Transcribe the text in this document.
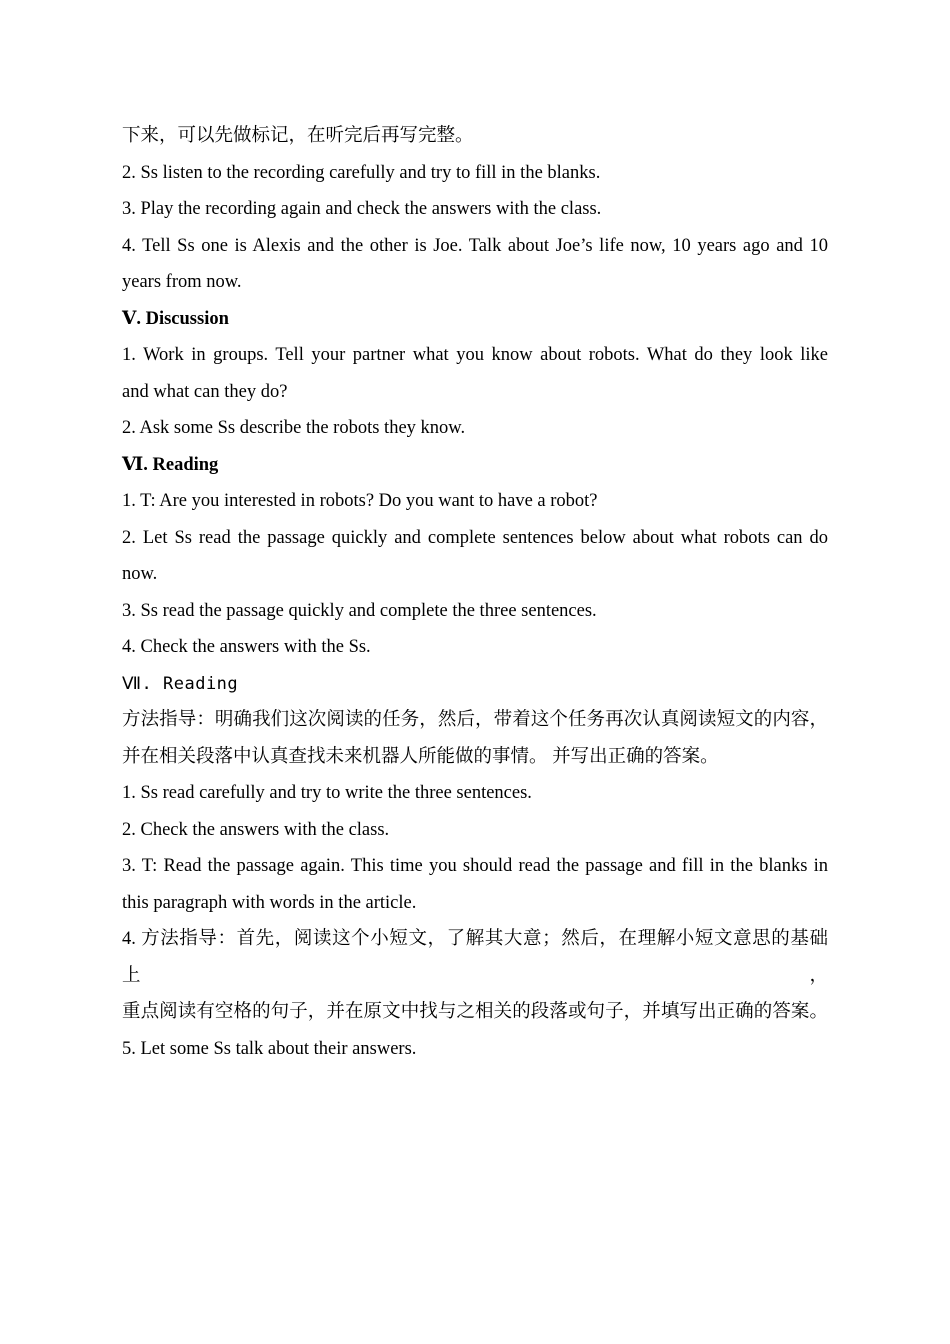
下来，可以先做标记，在听完后再写完整。
2. Ss listen to the recording carefully and try to fill in the blanks.
3. Play the recording again and check the answers with the class.
4. Tell Ss one is Alexis and the other is Joe. Talk about Joe’s life now, 10 years ago and 10
years from now.
Ⅴ. Discussion
1. Work in groups. Tell your partner what you know about robots. What do they look like
and what can they do?
2. Ask some Ss describe the robots they know.
Ⅵ. Reading
1. T: Are you interested in robots? Do you want to have a robot?
2. Let Ss read the passage quickly and complete sentences below about what robots can do
now.
3. Ss read the passage quickly and complete the three sentences.
4. Check the answers with the Ss.
Ⅶ. Reading
方法指导：明确我们这次阅读的任务，然后，带着这个任务再次认真阅读短文的内容，
并在相关段落中认真查找未来机器人所能做的事情。 并写出正确的答案。
1. Ss read carefully and try to write the three sentences.
2. Check the answers with the class.
3. T: Read the passage again. This time you should read the passage and fill in the blanks in
this paragraph with words in the article.
4. 方法指导：首先，阅读这个小短文，了解其大意；然后，在理解小短文意思的基础上，
重点阅读有空格的句子，并在原文中找与之相关的段落或句子，并填写出正确的答案。
5. Let some Ss talk about their answers.
